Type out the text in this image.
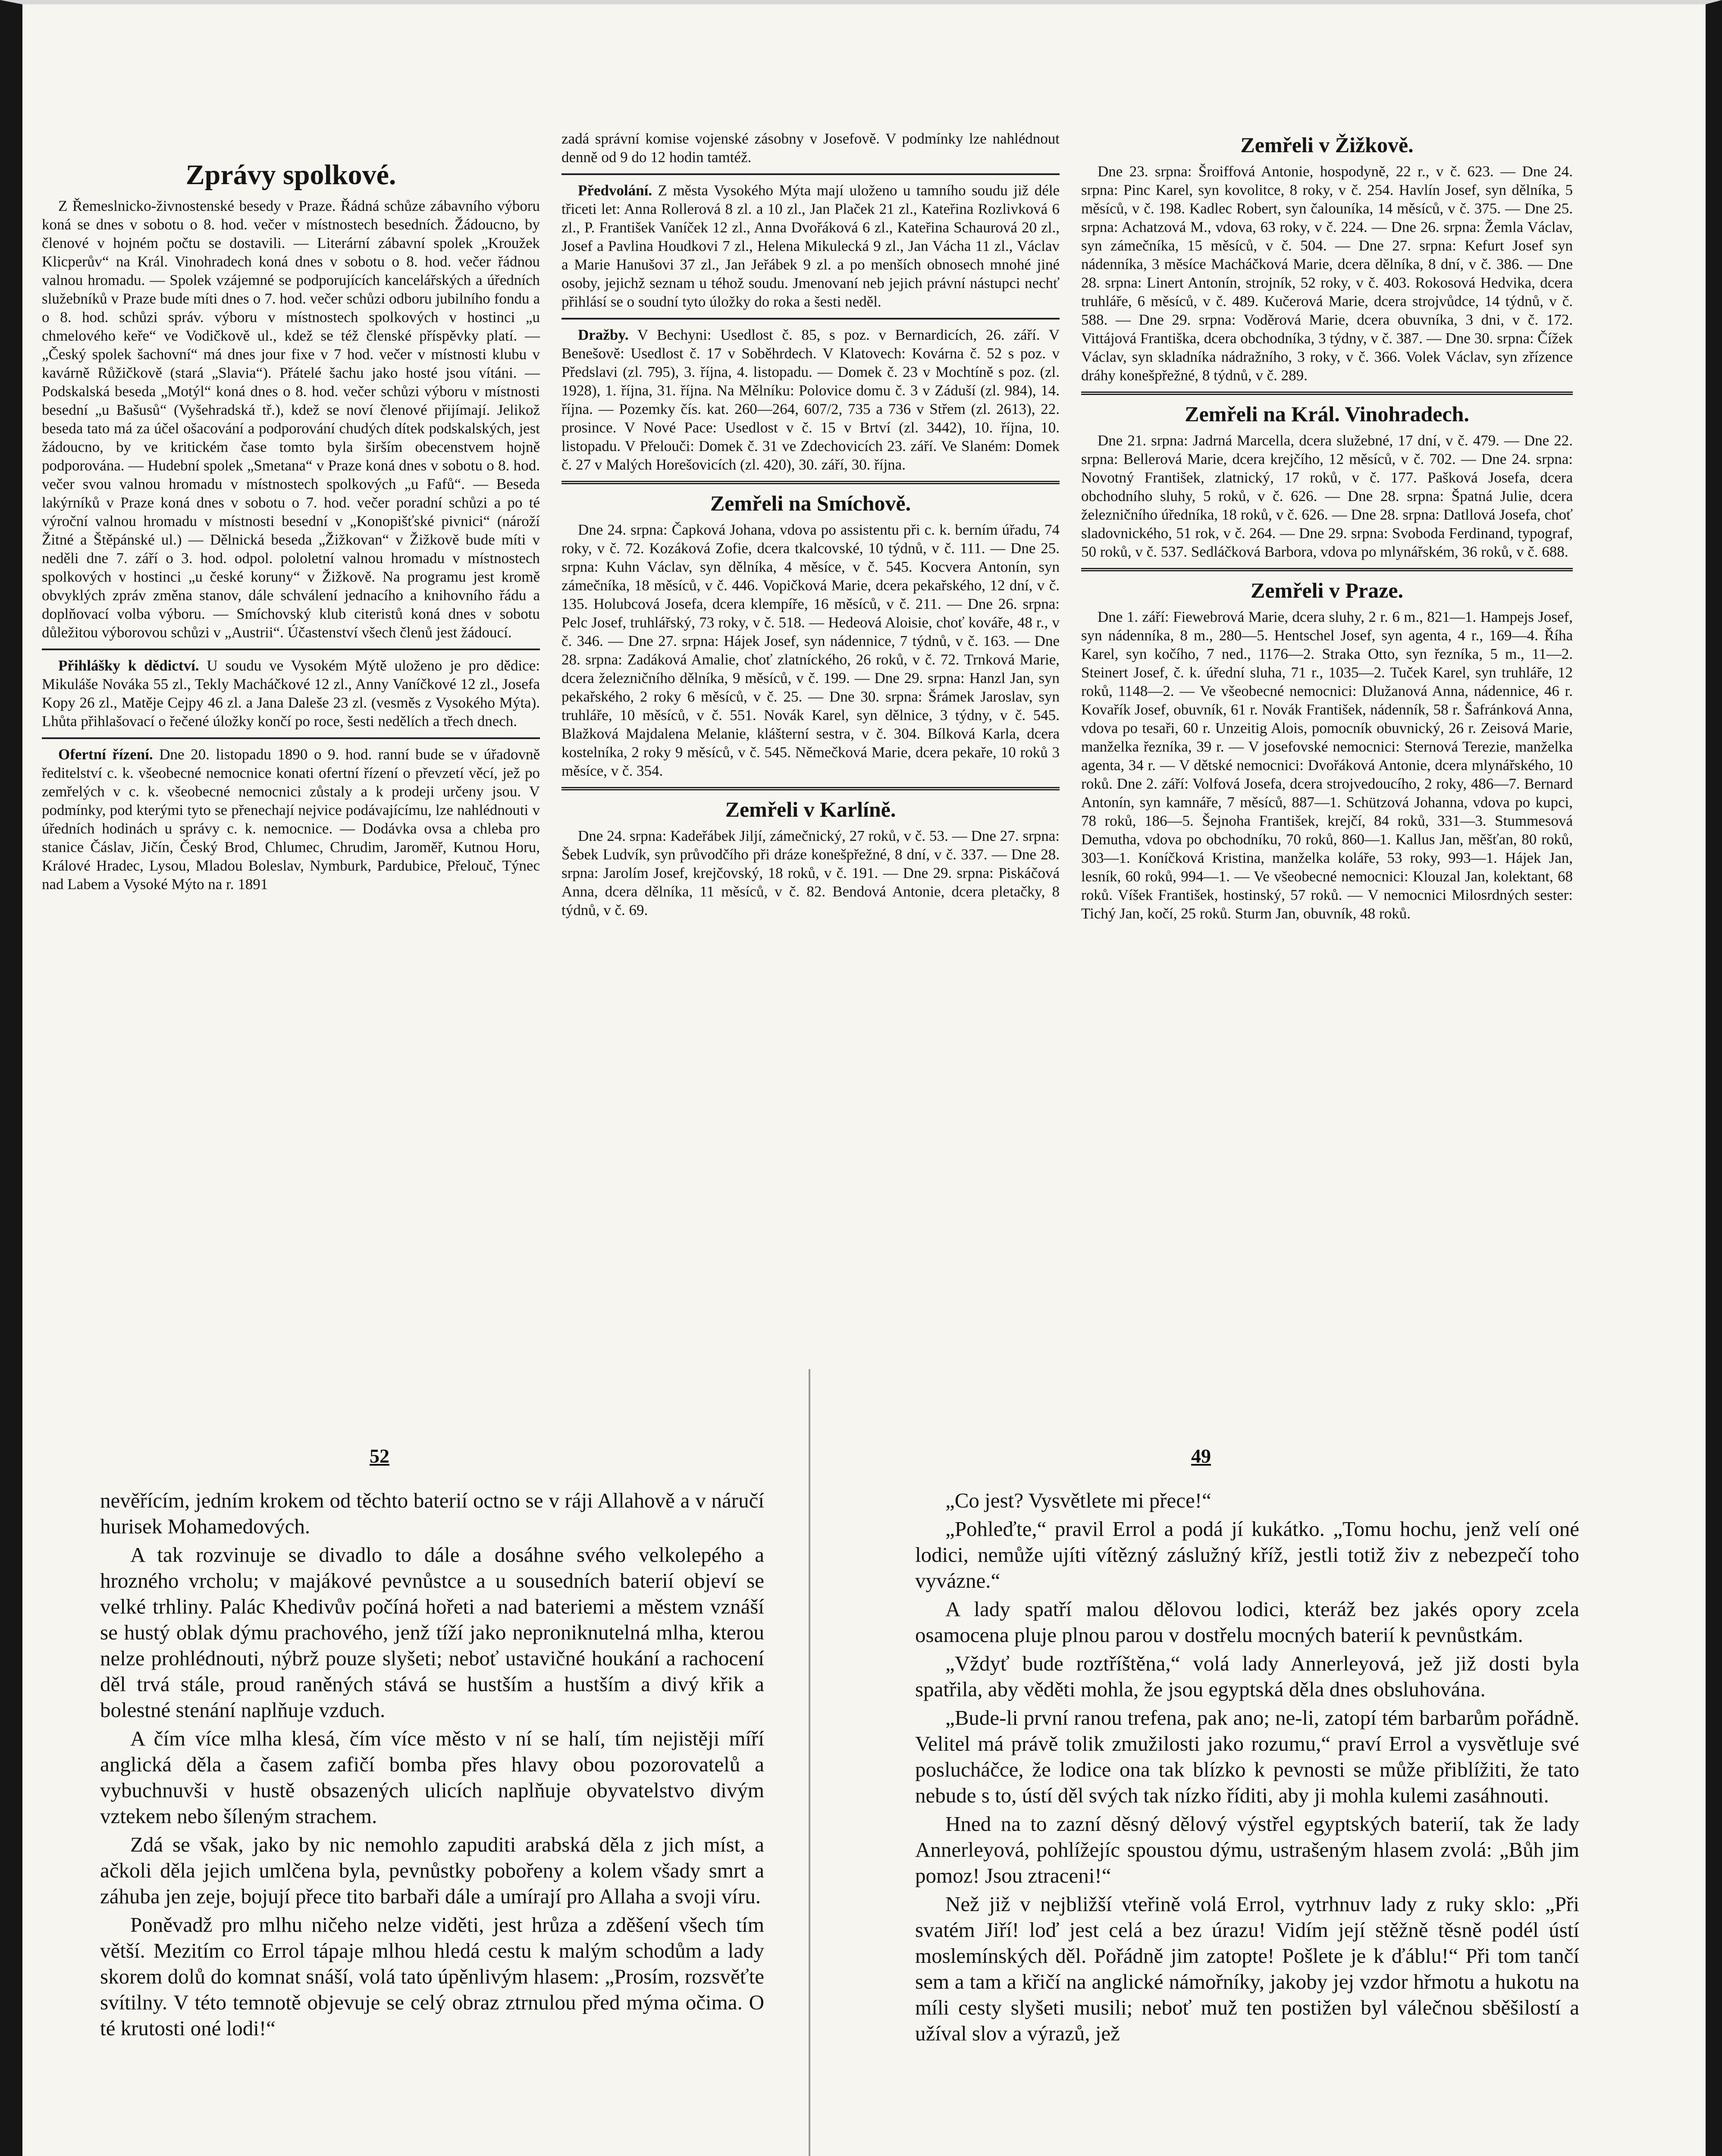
Zprávy spolkové.

Z Řemeslnicko-živnostenské besedy v Praze. Řádná schůze zábavního výboru koná se dnes v sobotu o 8. hod. večer v místnostech besedních. Žádoucno, by členové v hojném počtu se dostavili. — Literární zábavní spolek „Kroužek Klicperův“ na Král. Vinohradech koná dnes v sobotu o 8. hod. večer řádnou valnou hromadu. — Spolek vzájemné se podporujících kancelářských a úředních služebníků v Praze bude míti dnes o 7. hod. večer schůzi odboru jubilního fondu a o 8. hod. schůzi správ. výboru v místnostech spolkových v hostinci „u chmelového keře“ ve Vodičkově ul., kdež se též členské příspěvky platí. — „Český spolek šachovní“ má dnes jour fixe v 7 hod. večer v místnosti klubu v kavárně Růžičkově (stará „Slavia“). Přátelé šachu jako hosté jsou vítáni. — Podskalská beseda „Motýl“ koná dnes o 8. hod. večer schůzi výboru v místnosti besední „u Bašusů“ (Vyšehradská tř.), kdež se noví členové přijímají. Jelikož beseda tato má za účel ošacování a podporování chudých dítek podskalských, jest žádoucno, by ve kritickém čase tomto byla širším obecenstvem hojně podporována. — Hudební spolek „Smetana“ v Praze koná dnes v sobotu o 8. hod. večer svou valnou hromadu v místnostech spolkových „u Fafů“. — Beseda lakýrníků v Praze koná dnes v sobotu o 7. hod. večer poradní schůzi a po té výroční valnou hromadu v místnosti besední v „Konopišťské pivnici“ (nároží Žitné a Štěpánské ul.) — Dělnická beseda „Žižkovan“ v Žižkově bude míti v neděli dne 7. září o 3. hod. odpol. pololetní valnou hromadu v místnostech spolkových v hostinci „u české koruny“ v Žižkově. Na programu jest kromě obvyklých zpráv změna stanov, dále schválení jednacího a knihovního řádu a doplňovací volba výboru. — Smíchovský klub citeristů koná dnes v sobotu důležitou výborovou schůzi v „Austrii“. Účastenství všech členů jest žádoucí.

Přihlášky k dědictví. U soudu ve Vysokém Mýtě uloženo je pro dědice: Mikuláše Nováka 55 zl., Tekly Macháčkové 12 zl., Anny Vaníčkové 12 zl., Josefa Kopy 26 zl., Matěje Cejpy 46 zl. a Jana Daleše 23 zl. (vesměs z Vysokého Mýta). Lhůta přihlašovací o řečené úložky končí po roce, šesti nedělích a třech dnech.

Ofertní řízení. Dne 20. listopadu 1890 o 9. hod. ranní bude se v úřadovně ředitelství c. k. všeobecné nemocnice konati ofertní řízení o převzetí věcí, jež po zemřelých v c. k. všeobecné nemocnici zůstaly a k prodeji určeny jsou. V podmínky, pod kterými tyto se přenechají nejvice podávajícímu, lze nahlédnouti v úředních hodinách u správy c. k. nemocnice. — Dodávka ovsa a chleba pro stanice Čáslav, Jičín, Český Brod, Chlumec, Chrudim, Jaroměř, Kutnou Horu, Králové Hradec, Lysou, Mladou Boleslav, Nymburk, Pardubice, Přelouč, Týnec nad Labem a Vysoké Mýto na r. 1891

zadá správní komise vojenské zásobny v Josefově. V podmínky lze nahlédnout denně od 9 do 12 hodin tamtéž.

Předvolání. Z města Vysokého Mýta mají uloženo u tamního soudu již déle třiceti let: Anna Rollerová 8 zl. a 10 zl., Jan Plaček 21 zl., Kateřina Rozlivková 6 zl., P. František Vaníček 12 zl., Anna Dvořáková 6 zl., Kateřina Schaurová 20 zl., Josef a Pavlina Houdkovi 7 zl., Helena Mikulecká 9 zl., Jan Vácha 11 zl., Václav a Marie Hanušovi 37 zl., Jan Jeřábek 9 zl. a po menších obnosech mnohé jiné osoby, jejichž seznam u téhož soudu. Jmenovaní neb jejich právní nástupci nechť přihlásí se o soudní tyto úložky do roka a šesti neděl.

Dražby. V Bechyni: Usedlost č. 85, s poz. v Bernardicích, 26. září. V Benešově: Usedlost č. 17 v Soběhrdech. V Klatovech: Kovárna č. 52 s poz. v Předslavi (zl. 795), 3. října, 4. listopadu. — Domek č. 23 v Mochtíně s poz. (zl. 1928), 1. října, 31. října. Na Mělníku: Polovice domu č. 3 v Záduší (zl. 984), 14. října. — Pozemky čís. kat. 260—264, 607/2, 735 a 736 v Střem (zl. 2613), 22. prosince. V Nové Pace: Usedlost v č. 15 v Brtví (zl. 3442), 10. října, 10. listopadu. V Přelouči: Domek č. 31 ve Zdechovicích 23. září. Ve Slaném: Domek č. 27 v Malých Horešovicích (zl. 420), 30. září, 30. října.

Zemřeli na Smíchově.

Dne 24. srpna: Čapková Johana, vdova po assistentu při c. k. berním úřadu, 74 roky, v č. 72. Kozáková Zofie, dcera tkalcovské, 10 týdnů, v č. 111. — Dne 25. srpna: Kuhn Václav, syn dělníka, 4 měsíce, v č. 545. Kocvera Antonín, syn zámečníka, 18 měsíců, v č. 446. Vopičková Marie, dcera pekařského, 12 dní, v č. 135. Holubcová Josefa, dcera klempíře, 16 měsíců, v č. 211. — Dne 26. srpna: Pelc Josef, truhlářský, 73 roky, v č. 518. — Hedeová Aloisie, choť kováře, 48 r., v č. 346. — Dne 27. srpna: Hájek Josef, syn nádennice, 7 týdnů, v č. 163. — Dne 28. srpna: Zadáková Amalie, choť zlatníckého, 26 roků, v č. 72. Trnková Marie, dcera železničního dělníka, 9 měsíců, v č. 199. — Dne 29. srpna: Hanzl Jan, syn pekařského, 2 roky 6 měsíců, v č. 25. — Dne 30. srpna: Šrámek Jaroslav, syn truhláře, 10 měsíců, v č. 551. Novák Karel, syn dělnice, 3 týdny, v č. 545. Blažková Majdalena Melanie, klášterní sestra, v č. 304. Bílková Karla, dcera kostelníka, 2 roky 9 měsíců, v č. 545. Němečková Marie, dcera pekaře, 10 roků 3 měsíce, v č. 354.

Zemřeli v Karlíně.

Dne 24. srpna: Kadeřábek Jiljí, zámečnický, 27 roků, v č. 53. — Dne 27. srpna: Šebek Ludvík, syn průvodčího při dráze konešpřežné, 8 dní, v č. 337. — Dne 28. srpna: Jarolím Josef, krejčovský, 18 roků, v č. 191. — Dne 29. srpna: Piskáčová Anna, dcera dělníka, 11 měsíců, v č. 82. Bendová Antonie, dcera pletačky, 8 týdnů, v č. 69.

Zemřeli v Žižkově.

Dne 23. srpna: Šroiffová Antonie, hospodyně, 22 r., v č. 623. — Dne 24. srpna: Pinc Karel, syn kovolitce, 8 roky, v č. 254. Havlín Josef, syn dělníka, 5 měsíců, v č. 198. Kadlec Robert, syn čalouníka, 14 měsíců, v č. 375. — Dne 25. srpna: Achatzová M., vdova, 63 roky, v č. 224. — Dne 26. srpna: Žemla Václav, syn zámečníka, 15 měsíců, v č. 504. — Dne 27. srpna: Kefurt Josef syn nádenníka, 3 měsíce Macháčková Marie, dcera dělníka, 8 dní, v č. 386. — Dne 28. srpna: Linert Antonín, strojník, 52 roky, v č. 403. Rokosová Hedvika, dcera truhláře, 6 měsíců, v č. 489. Kučerová Marie, dcera strojvůdce, 14 týdnů, v č. 588. — Dne 29. srpna: Voděrová Marie, dcera obuvníka, 3 dni, v č. 172. Vittájová Františka, dcera obchodníka, 3 týdny, v č. 387. — Dne 30. srpna: Čížek Václav, syn skladníka nádražního, 3 roky, v č. 366. Volek Václav, syn zřízence dráhy konešpřežné, 8 týdnů, v č. 289.

Zemřeli na Král. Vinohradech.

Dne 21. srpna: Jadrná Marcella, dcera služebné, 17 dní, v č. 479. — Dne 22. srpna: Bellerová Marie, dcera krejčího, 12 měsíců, v č. 702. — Dne 24. srpna: Novotný František, zlatnický, 17 roků, v č. 177. Pašková Josefa, dcera obchodního sluhy, 5 roků, v č. 626. — Dne 28. srpna: Špatná Julie, dcera železničního úředníka, 18 roků, v č. 626. — Dne 28. srpna: Datllová Josefa, choť sladovnického, 51 rok, v č. 264. — Dne 29. srpna: Svoboda Ferdinand, typograf, 50 roků, v č. 537. Sedláčková Barbora, vdova po mlynářském, 36 roků, v č. 688.

Zemřeli v Praze.

Dne 1. září: Fiewebrová Marie, dcera sluhy, 2 r. 6 m., 821—1. Hampejs Josef, syn nádenníka, 8 m., 280—5. Hentschel Josef, syn agenta, 4 r., 169—4. Říha Karel, syn kočího, 7 ned., 1176—2. Straka Otto, syn řezníka, 5 m., 11—2. Steinert Josef, č. k. úřední sluha, 71 r., 1035—2. Tuček Karel, syn truhláře, 12 roků, 1148—2. — Ve všeobecné nemocnici: Dlužanová Anna, nádennice, 46 r. Kovařík Josef, obuvník, 61 r. Novák František, nádenník, 58 r. Šafránková Anna, vdova po tesaři, 60 r. Unzeitig Alois, pomocník obuvnický, 26 r. Zeisová Marie, manželka řezníka, 39 r. — V josefovské nemocnici: Sternová Terezie, manželka agenta, 34 r. — V dětské nemocnici: Dvořáková Antonie, dcera mlynářského, 10 roků. Dne 2. září: Volfová Josefa, dcera strojvedoucího, 2 roky, 486—7. Bernard Antonín, syn kamnáře, 7 měsíců, 887—1. Schützová Johanna, vdova po kupci, 78 roků, 186—5. Šejnoha František, krejčí, 84 roků, 331—3. Stummesová Demutha, vdova po obchodníku, 70 roků, 860—1. Kallus Jan, měšťan, 80 roků, 303—1. Koníčková Kristina, manželka koláře, 53 roky, 993—1. Hájek Jan, lesník, 60 roků, 994—1. — Ve všeobecné nemocnici: Klouzal Jan, kolektant, 68 roků. Víšek František, hostinský, 57 roků. — V nemocnici Milosrdných sester: Tichý Jan, kočí, 25 roků. Sturm Jan, obuvník, 48 roků.

52	49

nevěřícím, jedním krokem od těchto baterií octno se v ráji Allahově a v náručí hurisek Mohamedových.

A tak rozvinuje se divadlo to dále a dosáhne svého velkolepého a hrozného vrcholu; v majákové pevnůstce a u sousedních baterií objeví se velké trhliny. Palác Khedivův počíná hořeti a nad bateriemi a městem vznáší se hustý oblak dýmu prachového, jenž tíží jako neproniknutelná mlha, kterou nelze prohlédnouti, nýbrž pouze slyšeti; neboť ustavičné houkání a rachocení děl trvá stále, proud raněných stává se hustším a hustším a divý křik a bolestné stenání naplňuje vzduch.

A čím více mlha klesá, čím více město v ní se halí, tím nejistěji míří anglická děla a časem zafičí bomba přes hlavy obou pozorovatelů a vybuchnuvši v hustě obsazených ulicích naplňuje obyvatelstvo divým vztekem nebo šíleným strachem.

Zdá se však, jako by nic nemohlo zapuditi arabská děla z jich míst, a ačkoli děla jejich umlčena byla, pevnůstky pobořeny a kolem všady smrt a záhuba jen zeje, bojují přece tito barbaři dále a umírají pro Allaha a svoji víru.

Poněvadž pro mlhu ničeho nelze viděti, jest hrůza a zděšení všech tím větší. Mezitím co Errol tápaje mlhou hledá cestu k malým schodům a lady skorem dolů do komnat snáší, volá tato úpěnlivým hlasem: „Prosím, rozsvěťte svítilny. V této temnotě objevuje se celý obraz ztrnulou před mýma očima. O té krutosti oné lodi!“

„Co jest? Vysvětlete mi přece!“

„Pohleďte,“ pravil Errol a podá jí kukátko. „Tomu hochu, jenž velí oné lodici, nemůže ujíti vítězný záslužný kříž, jestli totiž živ z nebezpečí toho vyvázne.“

A lady spatří malou dělovou lodici, kteráž bez jakés opory zcela osamocena pluje plnou parou v dostřelu mocných baterií k pevnůstkám.

„Vždyť bude roztříštěna,“ volá lady Annerleyová, jež již dosti byla spatřila, aby věděti mohla, že jsou egyptská děla dnes obsluhována.

„Bude-li první ranou trefena, pak ano; ne-li, zatopí tém barbarům pořádně. Velitel má právě tolik zmužilosti jako rozumu,“ praví Errol a vysvětluje své poslucháčce, že lodice ona tak blízko k pevnosti se může přiblížiti, že tato nebude s to, ústí děl svých tak nízko říditi, aby ji mohla kulemi zasáhnouti.

Hned na to zazní děsný dělový výstřel egyptských baterií, tak že lady Annerleyová, pohlížejíc spoustou dýmu, ustrašeným hlasem zvolá: „Bůh jim pomoz! Jsou ztraceni!“

Než již v nejbližší vteřině volá Errol, vytrhnuv lady z ruky sklo: „Při svatém Jiří! loď jest celá a bez úrazu! Vidím její stěžně těsně podél ústí moslemínských děl. Pořádně jim zatopte! Pošlete je k ďáblu!“ Při tom tančí sem a tam a křičí na anglické námořníky, jakoby jej vzdor hřmotu a hukotu na míli cesty slyšeti musili; neboť muž ten postižen byl válečnou sběšilostí a užíval slov a výrazů, jež
